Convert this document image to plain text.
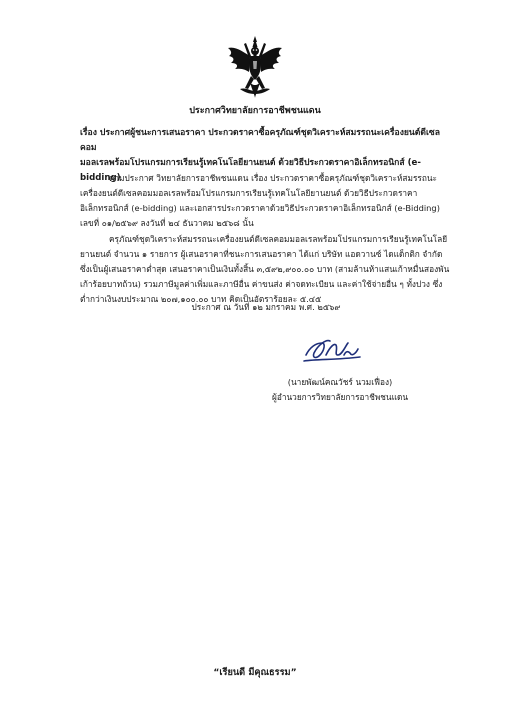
ประกาศวิทยาลัยการอาชีพชนแดน
เรื่อง ประกาศผู้ชนะการเสนอราคา ประกวดราคาซื้อครุภัณฑ์ชุดวิเคราะห์สมรรถนะเครื่องยนต์ดีเซลคอม
มอลเรลพร้อมโปรแกรมการเรียนรู้เทคโนโลยียานยนต์ ด้วยวิธีประกวดราคาอิเล็กทรอนิกส์ (e-bidding)
ตามประกาศ วิทยาลัยการอาชีพชนแดน เรื่อง ประกวดราคาซื้อครุภัณฑ์ชุดวิเคราะห์สมรรถนะเครื่องยนต์ดีเซลคอมมอลเรลพร้อมโปรแกรมการเรียนรู้เทคโนโลยียานยนต์ ด้วยวิธีประกวดราคาอิเล็กทรอนิกส์ (e-bidding) และเอกสารประกวดราคาด้วยวิธีประกวดราคาอิเล็กทรอนิกส์ (e-Bidding) เลขที่ ๐๑/๒๕๖๙ ลงวันที่ ๒๔ ธันวาคม ๒๕๖๘ นั้น
ครุภัณฑ์ชุดวิเคราะห์สมรรถนะเครื่องยนต์ดีเซลคอมมอลเรลพร้อมโปรแกรมการเรียนรู้เทคโนโลยียานยนต์ จำนวน ๑ รายการ ผู้เสนอราคาที่ชนะการเสนอราคา ได้แก่ บริษัท แอดวานซ์ ไดแด็กติก จำกัด ซึ่งเป็นผู้เสนอราคาต่ำสุด เสนอราคาเป็นเงินทั้งสิ้น ๓,๕๙๒,๙๐๐.๐๐ บาท (สามล้านห้าแสนเก้าหมื่นสองพันเก้าร้อยบาทถ้วน) รวมภาษีมูลค่าเพิ่มและภาษีอื่น ค่าขนส่ง ค่าจดทะเบียน และค่าใช้จ่ายอื่น ๆ ทั้งปวง ซึ่งต่ำกว่าเงินงบประมาณ ๒๐๗,๑๐๐.๐๐ บาท คิดเป็นอัตราร้อยละ ๕.๔๕
ประกาศ ณ วันที่ ๑๒ มกราคม พ.ศ. ๒๕๖๙
(นายพัฒน์คณวัชร์ นวมเฟื่อง)
ผู้อำนวยการวิทยาลัยการอาชีพชนแดน
“เรียนดี มีคุณธรรม”
